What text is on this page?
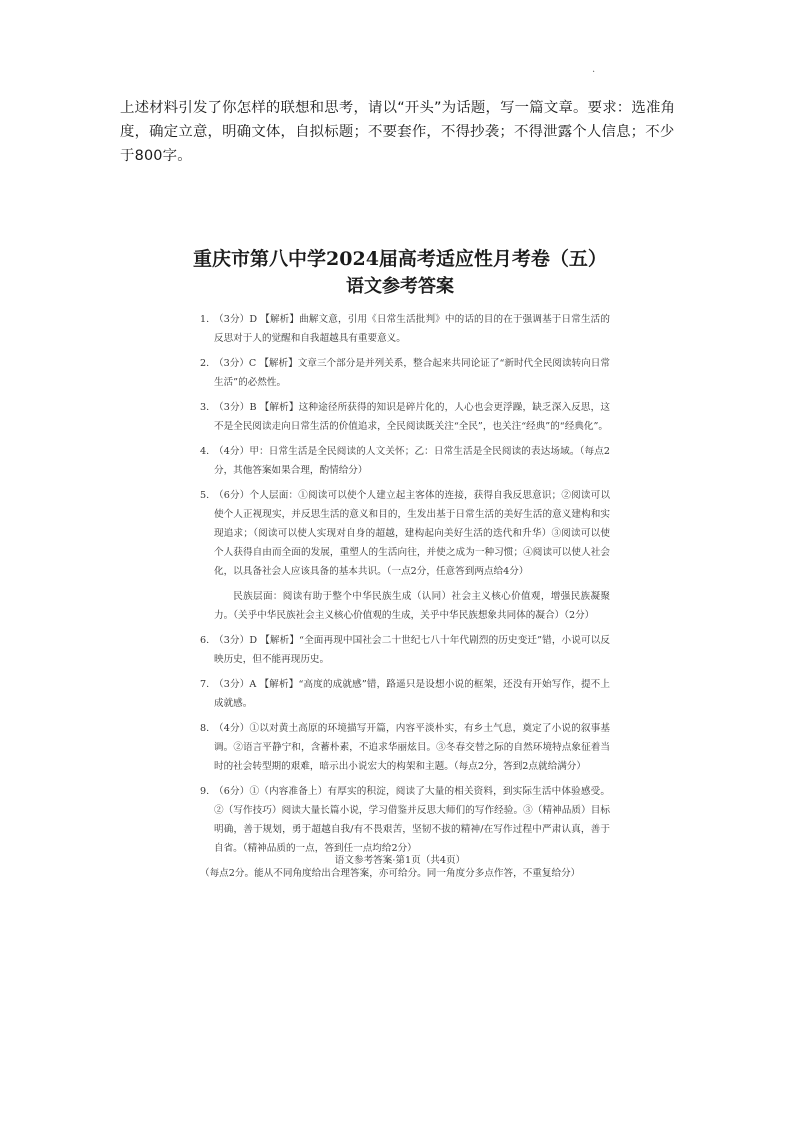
.
上述材料引发了你怎样的联想和思考，请以“开头”为话题，写一篇文章。要求：选准角度，确定立意，明确文体，自拟标题；不要套作，不得抄袭；不得泄露个人信息；不少于800字。
重庆市第八中学2024届高考适应性月考卷（五）
语文参考答案
1. （3分）D 【解析】曲解文意，引用《日常生活批判》中的话的目的在于强调基于日常生活的反思对于人的觉醒和自我超越具有重要意义。
2. （3分）C 【解析】文章三个部分是并列关系，整合起来共同论证了“新时代全民阅读转向日常生活”的必然性。
3. （3分）B 【解析】这种途径所获得的知识是碎片化的，人心也会更浮躁，缺乏深入反思，这不是全民阅读走向日常生活的价值追求，全民阅读既关注“全民”，也关注“经典”的“经典化”。
4. （4分）甲：日常生活是全民阅读的人文关怀；乙：日常生活是全民阅读的表达场域。（每点2分，其他答案如果合理，酌情给分）
5. （6分）个人层面：①阅读可以使个人建立起主客体的连接，获得自我反思意识；②阅读可以使个人正视现实，并反思生活的意义和目的，生发出基于日常生活的美好生活的意义建构和实现追求；（阅读可以使人实现对自身的超越，建构起向美好生活的迭代和升华）③阅读可以使个人获得自由而全面的发展，重塑人的生活向往，并使之成为一种习惯；④阅读可以使人社会化，以具备社会人应该具备的基本共识。（一点2分，任意答到两点给4分）
民族层面：阅读有助于整个中华民族生成（认同）社会主义核心价值观，增强民族凝聚力。（关乎中华民族社会主义核心价值观的生成，关乎中华民族想象共同体的凝合）（2分）
6. （3分）D 【解析】“全面再现中国社会二十世纪七八十年代剧烈的历史变迁”错，小说可以反映历史，但不能再现历史。
7. （3分）A 【解析】“高度的成就感”错，路遥只是设想小说的框架，还没有开始写作，提不上成就感。
8. （4分）①以对黄土高原的环境描写开篇，内容平淡朴实，有乡土气息，奠定了小说的叙事基调。②语言平静宁和，含蓄朴素，不追求华丽炫目。③冬春交替之际的自然环境特点象征着当时的社会转型期的艰难，暗示出小说宏大的构架和主题。（每点2分，答到2点就给满分）
9. （6分）①（内容准备上）有厚实的积淀，阅读了大量的相关资料，到实际生活中体验感受。②（写作技巧）阅读大量长篇小说，学习借鉴并反思大师们的写作经验。③（精神品质）目标明确，善于规划，勇于超越自我/有不畏艰苦，坚韧不拔的精神/在写作过程中严肃认真，善于自省。（精神品质的一点，答到任一点均给2分）
（每点2分。能从不同角度给出合理答案，亦可给分。同一角度分多点作答，不重复给分）
语文参考答案·第1页（共4页）
